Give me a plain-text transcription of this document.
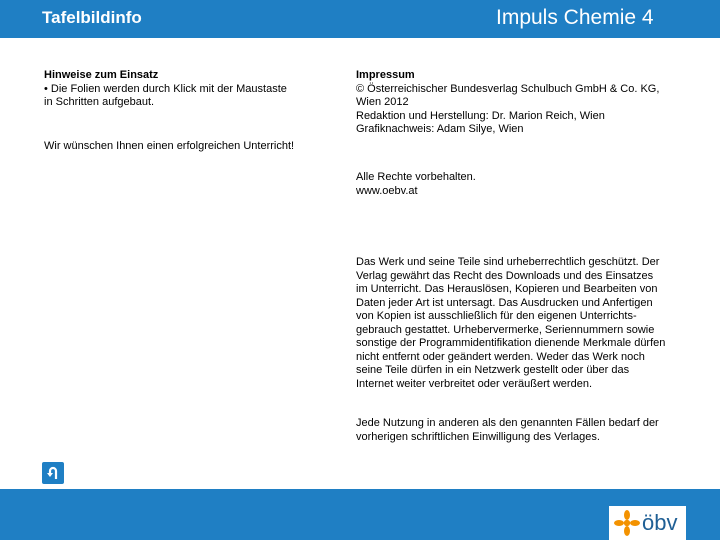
Tafelbildinfo	Impuls Chemie 4
Hinweise zum Einsatz
• Die Folien werden durch Klick mit der Maustaste
in Schritten aufgebaut.
Wir wünschen Ihnen einen erfolgreichen Unterricht!
Impressum
© Österreichischer Bundesverlag Schulbuch GmbH & Co. KG,
Wien 2012
Redaktion und Herstellung: Dr. Marion Reich, Wien
Grafiknachweis: Adam Silye, Wien
Alle Rechte vorbehalten.
www.oebv.at
Das Werk und seine Teile sind urheberrechtlich geschützt. Der
Verlag gewährt das Recht des Downloads und des Einsatzes
im Unterricht. Das Herauslösen, Kopieren und Bearbeiten von
Daten jeder Art ist untersagt. Das Ausdrucken und Anfertigen
von Kopien ist ausschließlich für den eigenen Unterrichts-
gebrauch gestattet. Urhebervermerke, Seriennummern sowie
sonstige der Programmidentifikation dienende Merkmale dürfen
nicht entfernt oder geändert werden. Weder das Werk noch
seine Teile dürfen in ein Netzwerk gestellt oder über das
Internet weiter verbreitet oder veräußert werden.
Jede Nutzung in anderen als den genannten Fällen bedarf der
vorherigen schriftlichen Einwilligung des Verlages.
öbv
